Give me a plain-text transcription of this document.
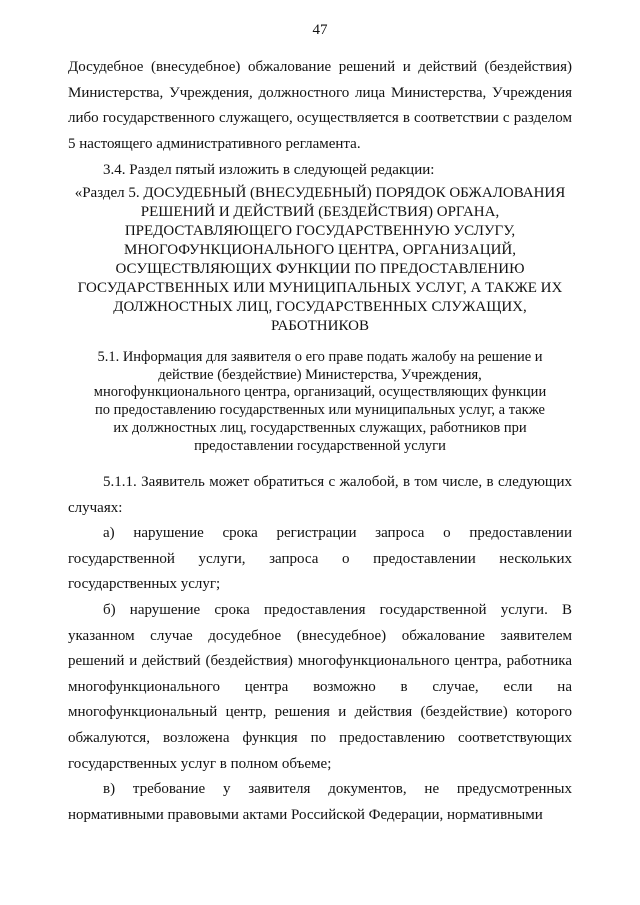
47

Досудебное (внесудебное) обжалование решений и действий (бездействия) Министерства, Учреждения, должностного лица Министерства, Учреждения либо государственного служащего, осуществляется в соответствии с разделом 5 настоящего административного регламента.

3.4. Раздел пятый изложить в следующей редакции:

«Раздел 5. ДОСУДЕБНЫЙ (ВНЕСУДЕБНЫЙ) ПОРЯДОК ОБЖАЛОВАНИЯ РЕШЕНИЙ И ДЕЙСТВИЙ (БЕЗДЕЙСТВИЯ) ОРГАНА, ПРЕДОСТАВЛЯЮЩЕГО ГОСУДАРСТВЕННУЮ УСЛУГУ, МНОГОФУНКЦИОНАЛЬНОГО ЦЕНТРА, ОРГАНИЗАЦИЙ, ОСУЩЕСТВЛЯЮЩИХ ФУНКЦИИ ПО ПРЕДОСТАВЛЕНИЮ ГОСУДАРСТВЕННЫХ ИЛИ МУНИЦИПАЛЬНЫХ УСЛУГ, А ТАКЖЕ ИХ ДОЛЖНОСТНЫХ ЛИЦ, ГОСУДАРСТВЕННЫХ СЛУЖАЩИХ, РАБОТНИКОВ
5.1. Информация для заявителя о его праве подать жалобу на решение и действие (бездействие) Министерства, Учреждения, многофункционального центра, организаций, осуществляющих функции по предоставлению государственных или муниципальных услуг, а также их должностных лиц, государственных служащих, работников при предоставлении государственной услуги

5.1.1. Заявитель может обратиться с жалобой, в том числе, в следующих случаях:

а) нарушение срока регистрации запроса о предоставлении государственной услуги, запроса о предоставлении нескольких государственных услуг;

б) нарушение срока предоставления государственной услуги. В указанном случае досудебное (внесудебное) обжалование заявителем решений и действий (бездействия) многофункционального центра, работника многофункционального центра возможно в случае, если на многофункциональный центр, решения и действия (бездействие) которого обжалуются, возложена функция по предоставлению соответствующих государственных услуг в полном объеме;

в) требование у заявителя документов, не предусмотренных нормативными правовыми актами Российской Федерации, нормативными
